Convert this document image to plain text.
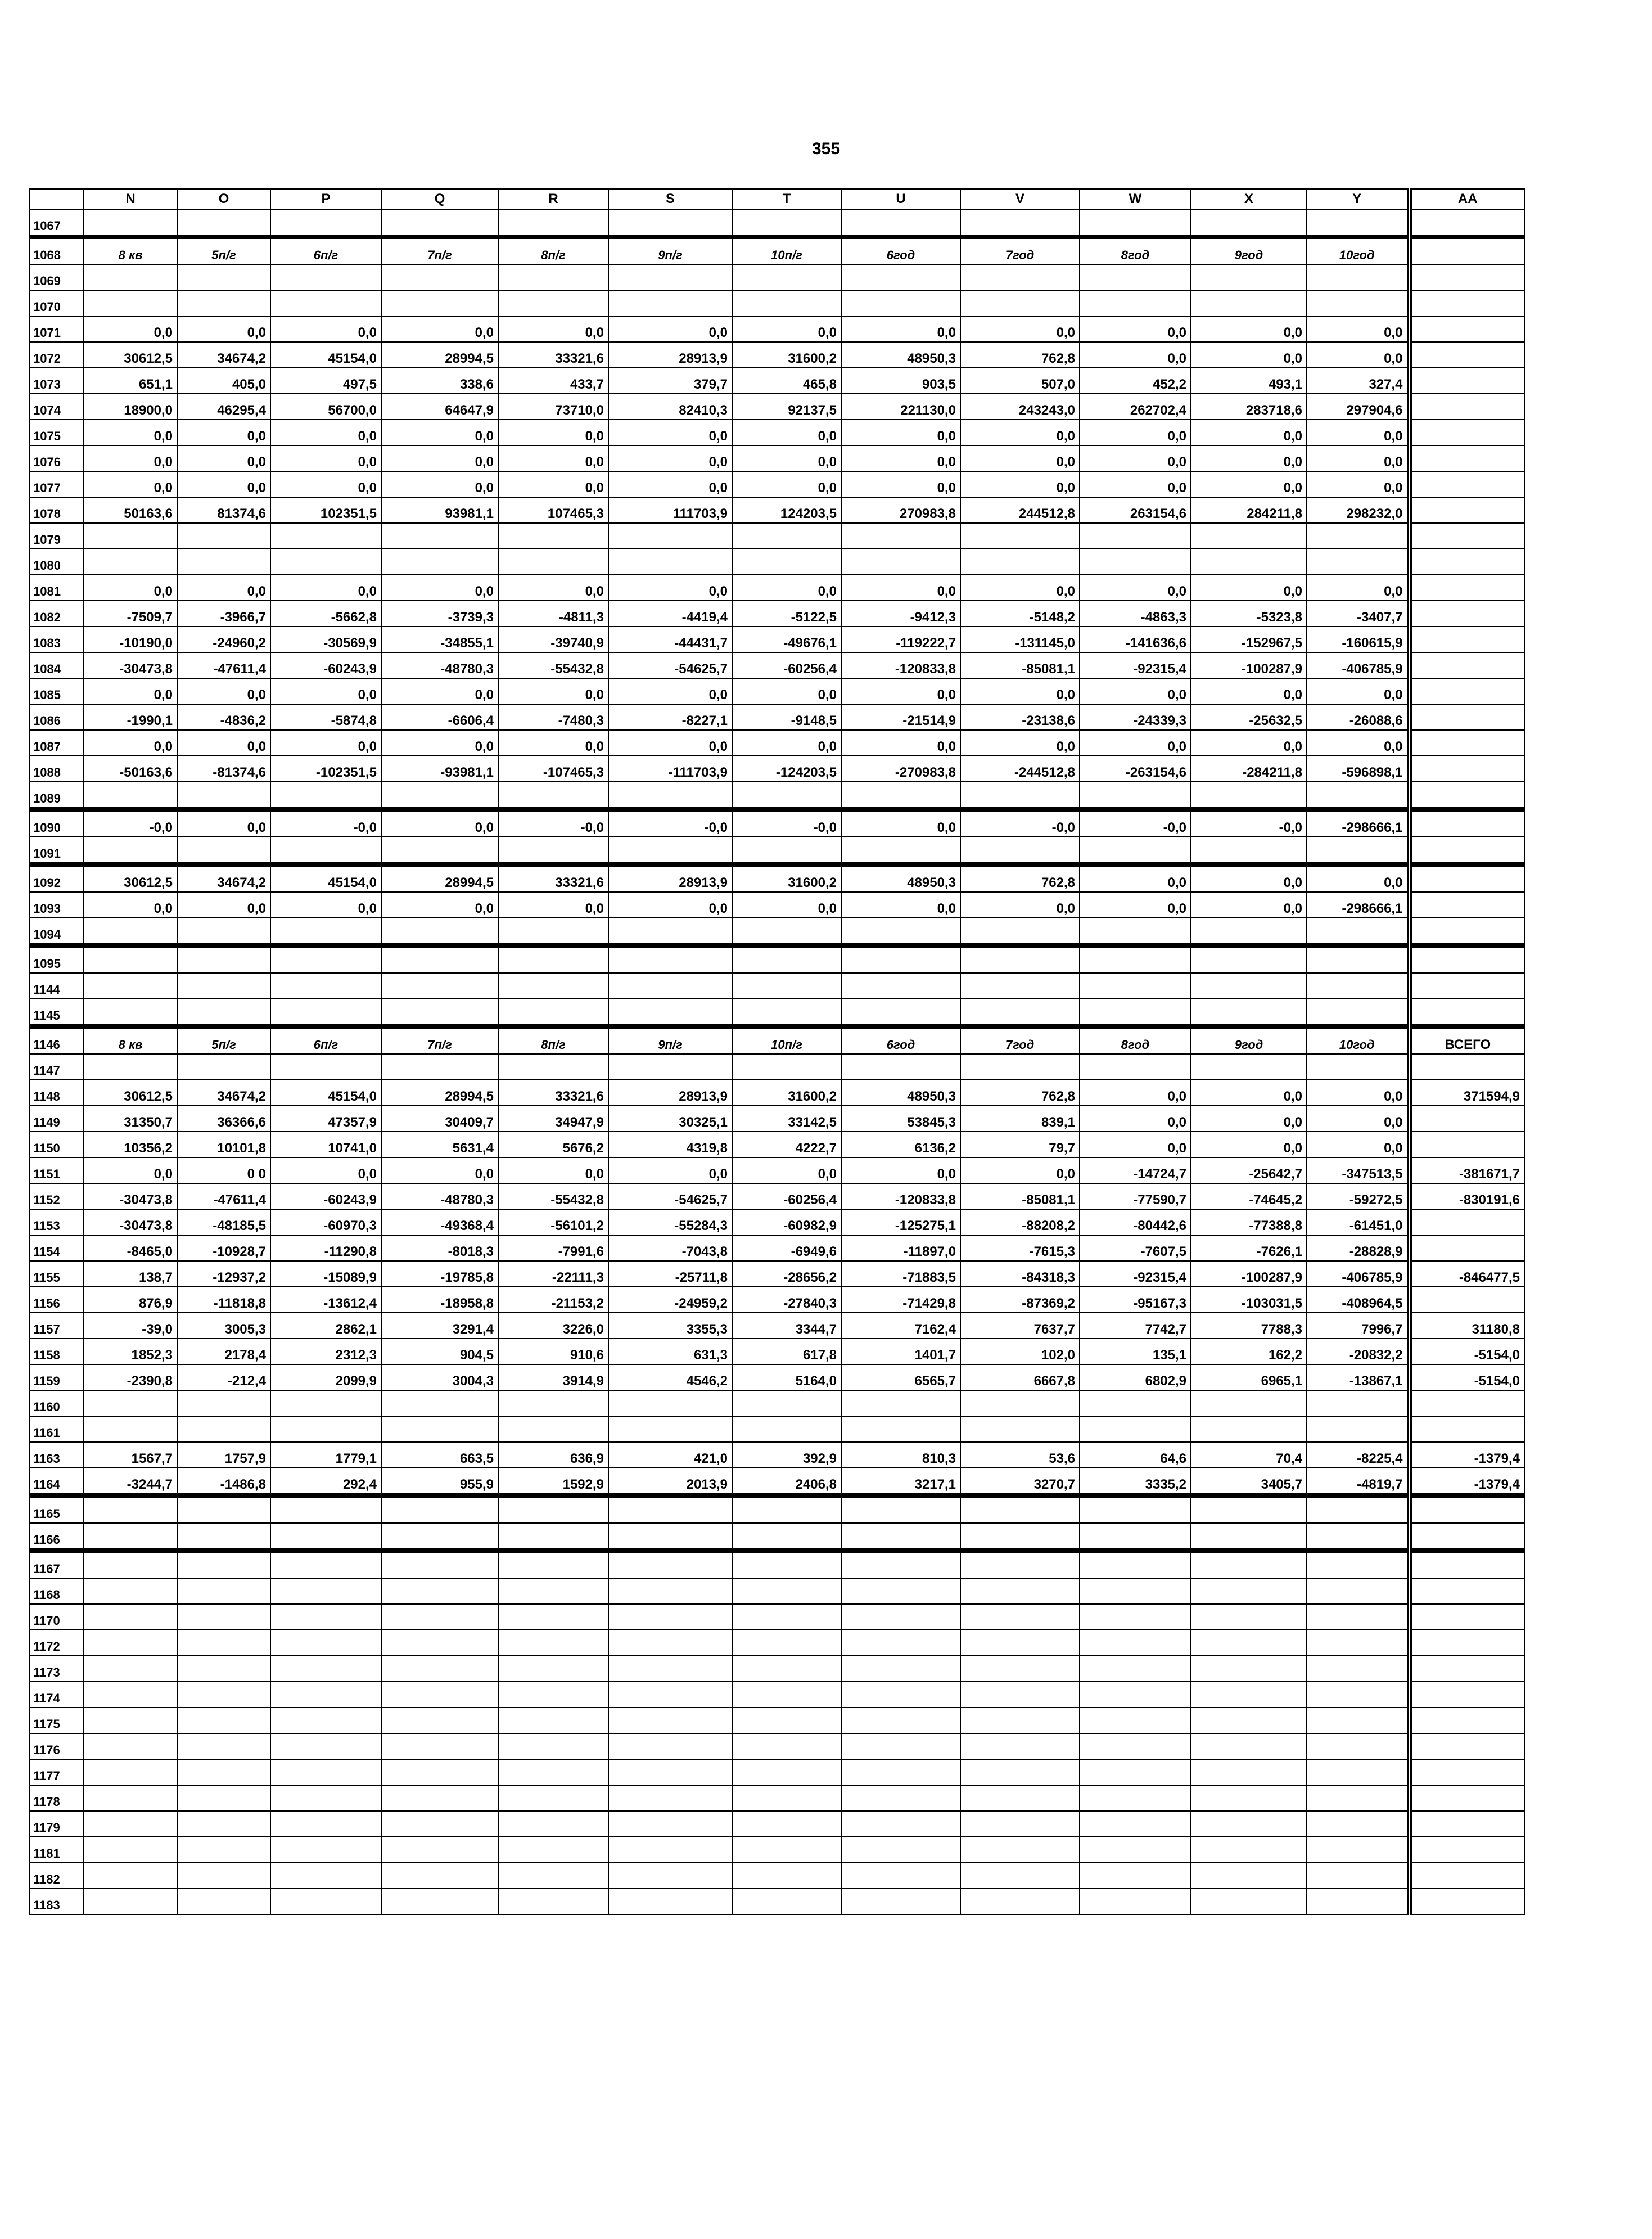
355
	N	O	P	Q	R	S	T	U	V	W	X	Y	AA
1067													
1068	8 кв	5п/г	6п/г	7п/г	8п/г	9п/г	10п/г	6год	7год	8год	9год	10год	
1069													
1070													
1071	0,0	0,0	0,0	0,0	0,0	0,0	0,0	0,0	0,0	0,0	0,0	0,0	
1072	30612,5	34674,2	45154,0	28994,5	33321,6	28913,9	31600,2	48950,3	762,8	0,0	0,0	0,0	
1073	651,1	405,0	497,5	338,6	433,7	379,7	465,8	903,5	507,0	452,2	493,1	327,4	
1074	18900,0	46295,4	56700,0	64647,9	73710,0	82410,3	92137,5	221130,0	243243,0	262702,4	283718,6	297904,6	
1075	0,0	0,0	0,0	0,0	0,0	0,0	0,0	0,0	0,0	0,0	0,0	0,0	
1076	0,0	0,0	0,0	0,0	0,0	0,0	0,0	0,0	0,0	0,0	0,0	0,0	
1077	0,0	0,0	0,0	0,0	0,0	0,0	0,0	0,0	0,0	0,0	0,0	0,0	
1078	50163,6	81374,6	102351,5	93981,1	107465,3	111703,9	124203,5	270983,8	244512,8	263154,6	284211,8	298232,0	
1079													
1080													
1081	0,0	0,0	0,0	0,0	0,0	0,0	0,0	0,0	0,0	0,0	0,0	0,0	
1082	-7509,7	-3966,7	-5662,8	-3739,3	-4811,3	-4419,4	-5122,5	-9412,3	-5148,2	-4863,3	-5323,8	-3407,7	
1083	-10190,0	-24960,2	-30569,9	-34855,1	-39740,9	-44431,7	-49676,1	-119222,7	-131145,0	-141636,6	-152967,5	-160615,9	
1084	-30473,8	-47611,4	-60243,9	-48780,3	-55432,8	-54625,7	-60256,4	-120833,8	-85081,1	-92315,4	-100287,9	-406785,9	
1085	0,0	0,0	0,0	0,0	0,0	0,0	0,0	0,0	0,0	0,0	0,0	0,0	
1086	-1990,1	-4836,2	-5874,8	-6606,4	-7480,3	-8227,1	-9148,5	-21514,9	-23138,6	-24339,3	-25632,5	-26088,6	
1087	0,0	0,0	0,0	0,0	0,0	0,0	0,0	0,0	0,0	0,0	0,0	0,0	
1088	-50163,6	-81374,6	-102351,5	-93981,1	-107465,3	-111703,9	-124203,5	-270983,8	-244512,8	-263154,6	-284211,8	-596898,1	
1089													
1090	-0,0	0,0	-0,0	0,0	-0,0	-0,0	-0,0	0,0	-0,0	-0,0	-0,0	-298666,1	
1091													
1092	30612,5	34674,2	45154,0	28994,5	33321,6	28913,9	31600,2	48950,3	762,8	0,0	0,0	0,0	
1093	0,0	0,0	0,0	0,0	0,0	0,0	0,0	0,0	0,0	0,0	0,0	-298666,1	
1094													
1095													
1144													
1145													
1146	8 кв	5п/г	6п/г	7п/г	8п/г	9п/г	10п/г	6год	7год	8год	9год	10год	ВСЕГО
1147													
1148	30612,5	34674,2	45154,0	28994,5	33321,6	28913,9	31600,2	48950,3	762,8	0,0	0,0	0,0	371594,9
1149	31350,7	36366,6	47357,9	30409,7	34947,9	30325,1	33142,5	53845,3	839,1	0,0	0,0	0,0	
1150	10356,2	10101,8	10741,0	5631,4	5676,2	4319,8	4222,7	6136,2	79,7	0,0	0,0	0,0	
1151	0,0	0 0	0,0	0,0	0,0	0,0	0,0	0,0	0,0	-14724,7	-25642,7	-347513,5	-381671,7
1152	-30473,8	-47611,4	-60243,9	-48780,3	-55432,8	-54625,7	-60256,4	-120833,8	-85081,1	-77590,7	-74645,2	-59272,5	-830191,6
1153	-30473,8	-48185,5	-60970,3	-49368,4	-56101,2	-55284,3	-60982,9	-125275,1	-88208,2	-80442,6	-77388,8	-61451,0	
1154	-8465,0	-10928,7	-11290,8	-8018,3	-7991,6	-7043,8	-6949,6	-11897,0	-7615,3	-7607,5	-7626,1	-28828,9	
1155	138,7	-12937,2	-15089,9	-19785,8	-22111,3	-25711,8	-28656,2	-71883,5	-84318,3	-92315,4	-100287,9	-406785,9	-846477,5
1156	876,9	-11818,8	-13612,4	-18958,8	-21153,2	-24959,2	-27840,3	-71429,8	-87369,2	-95167,3	-103031,5	-408964,5	
1157	-39,0	3005,3	2862,1	3291,4	3226,0	3355,3	3344,7	7162,4	7637,7	7742,7	7788,3	7996,7	31180,8
1158	1852,3	2178,4	2312,3	904,5	910,6	631,3	617,8	1401,7	102,0	135,1	162,2	-20832,2	-5154,0
1159	-2390,8	-212,4	2099,9	3004,3	3914,9	4546,2	5164,0	6565,7	6667,8	6802,9	6965,1	-13867,1	-5154,0
1160													
1161													
1163	1567,7	1757,9	1779,1	663,5	636,9	421,0	392,9	810,3	53,6	64,6	70,4	-8225,4	-1379,4
1164	-3244,7	-1486,8	292,4	955,9	1592,9	2013,9	2406,8	3217,1	3270,7	3335,2	3405,7	-4819,7	-1379,4
1165													
1166													
1167													
1168													
1170													
1172													
1173													
1174													
1175													
1176													
1177													
1178													
1179													
1181													
1182													
1183													
